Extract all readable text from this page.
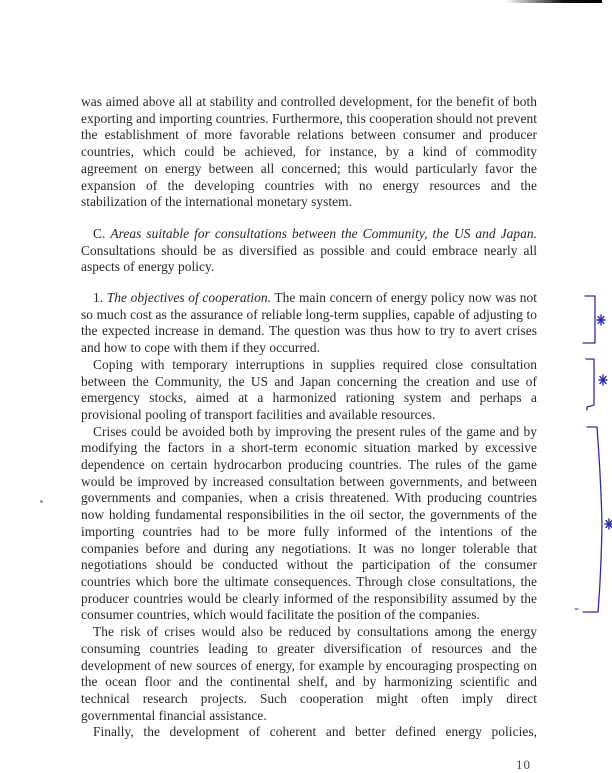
was aimed above all at stability and controlled development, for the benefit of both exporting and importing countries. Furthermore, this cooperation should not prevent the establishment of more favorable relations between consumer and producer countries, which could be achieved, for instance, by a kind of commodity agreement on energy between all concerned; this would particularly favor the expansion of the developing countries with no energy resources and the stabilization of the international monetary system.

C. Areas suitable for consultations between the Community, the US and Japan. Consultations should be as diversified as possible and could embrace nearly all aspects of energy policy.

1. The objectives of cooperation. The main concern of energy policy now was not so much cost as the assurance of reliable long-term supplies, capable of adjusting to the expected increase in demand. The question was thus how to try to avert crises and how to cope with them if they occurred.

Coping with temporary interruptions in supplies required close consultation between the Community, the US and Japan concerning the creation and use of emergency stocks, aimed at a harmonized rationing system and perhaps a provisional pooling of transport facilities and available resources.

Crises could be avoided both by improving the present rules of the game and by modifying the factors in a short-term economic situation marked by excessive dependence on certain hydrocarbon producing countries. The rules of the game would be improved by increased consultation between governments, and between governments and companies, when a crisis threatened. With producing countries now holding fundamental responsibilities in the oil sector, the governments of the importing countries had to be more fully informed of the intentions of the companies before and during any negotiations. It was no longer tolerable that negotiations should be conducted without the participation of the consumer countries which bore the ultimate consequences. Through close consultations, the producer countries would be clearly informed of the responsibility assumed by the consumer countries, which would facilitate the position of the companies.

The risk of crises would also be reduced by consultations among the energy consuming countries leading to greater diversification of resources and the development of new sources of energy, for example by encouraging prospecting on the ocean floor and the continental shelf, and by harmonizing scientific and technical research projects. Such cooperation might often imply direct governmental financial assistance.

Finally, the development of coherent and better defined energy policies,

10
